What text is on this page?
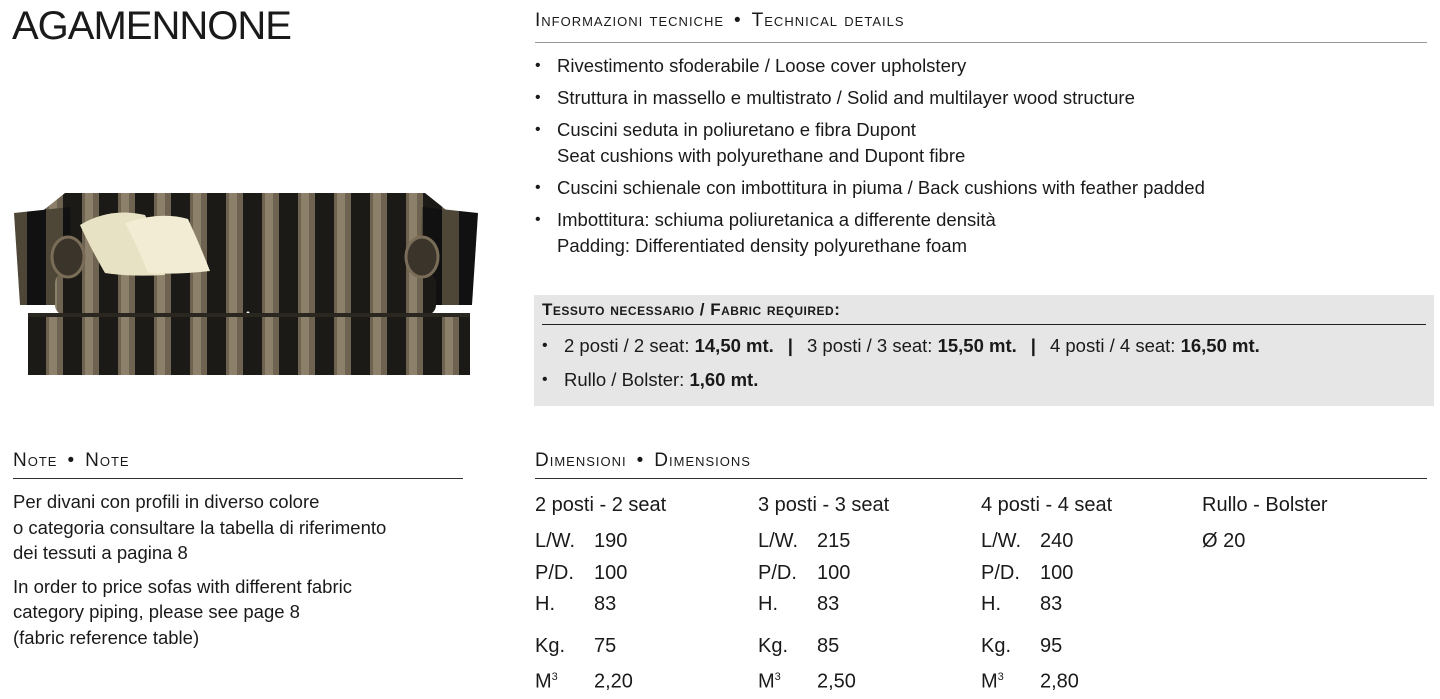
AGAMENNONE	Informazioni tecniche • Technical details
• Rivestimento sfoderabile / Loose cover upholstery
• Struttura in massello e multistrato / Solid and multilayer wood structure
• Cuscini seduta in poliuretano e fibra Dupont
Seat cushions with polyurethane and Dupont fibre
• Cuscini schienale con imbottitura in piuma / Back cushions with feather padded
• Imbottitura: schiuma poliuretanica a differente densità
Padding: Differentiated density polyurethane foam
Tessuto necessario / Fabric required:
• 2 posti / 2 seat: 14,50 mt. | 3 posti / 3 seat: 15,50 mt. | 4 posti / 4 seat: 16,50 mt.
• Rullo / Bolster: 1,60 mt.
Note • Note

Per divani con profili in diverso colore
o categoria consultare la tabella di riferimento
dei tessuti a pagina 8

In order to price sofas with different fabric
category piping, please see page 8
(fabric reference table)

Dimensioni • Dimensions
2 posti - 2 seat
L/W. 190
P/D. 100
H. 83
Kg. 75
$M^3$ 2,20
3 posti - 3 seat
L/W. 215
P/D. 100
H. 83
Kg. 85
$M^3$ 2,50
4 posti - 4 seat
L/W. 240
P/D. 100
H. 83
Kg. 95
$M^3$ 2,80
Rullo - Bolster
Ø 20
